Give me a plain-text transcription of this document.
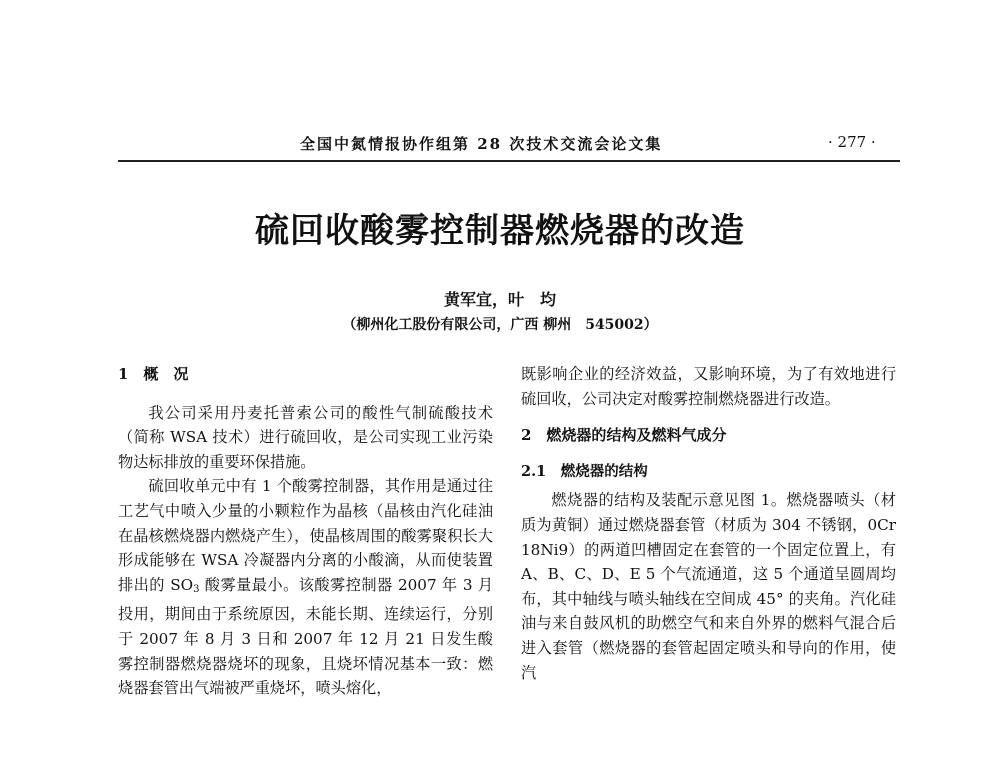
全国中氮情报协作组第 28 次技术交流会论文集	· 277 ·
硫回收酸雾控制器燃烧器的改造
黄军宜，叶　均
（柳州化工股份有限公司，广西 柳州　545002）

1　概　况

我公司采用丹麦托普索公司的酸性气制硫酸技术（简称 WSA 技术）进行硫回收，是公司实现工业污染物达标排放的重要环保措施。

硫回收单元中有 1 个酸雾控制器，其作用是通过往工艺气中喷入少量的小颗粒作为晶核（晶核由汽化硅油在晶核燃烧器内燃烧产生），使晶核周围的酸雾聚积长大形成能够在 WSA 冷凝器内分离的小酸滴，从而使装置排出的 $SO_3$ 酸雾量最小。该酸雾控制器 2007 年 3 月投用，期间由于系统原因，未能长期、连续运行，分别于 2007 年 8 月 3 日和 2007 年 12 月 21 日发生酸雾控制器燃烧器烧坏的现象，且烧坏情况基本一致：燃烧器套管出气端被严重烧坏，喷头熔化，

既影响企业的经济效益，又影响环境，为了有效地进行硫回收，公司决定对酸雾控制燃烧器进行改造。

2　燃烧器的结构及燃料气成分

2.1　燃烧器的结构

燃烧器的结构及装配示意见图 1。燃烧器喷头（材质为黄铜）通过燃烧器套管（材质为 304 不锈钢，0Cr18Ni9）的两道凹槽固定在套管的一个固定位置上，有 A、B、C、D、E 5 个气流通道，这 5 个通道呈圆周均布，其中轴线与喷头轴线在空间成 45° 的夹角。汽化硅油与来自鼓风机的助燃空气和来自外界的燃料气混合后进入套管（燃烧器的套管起固定喷头和导向的作用，使汽
